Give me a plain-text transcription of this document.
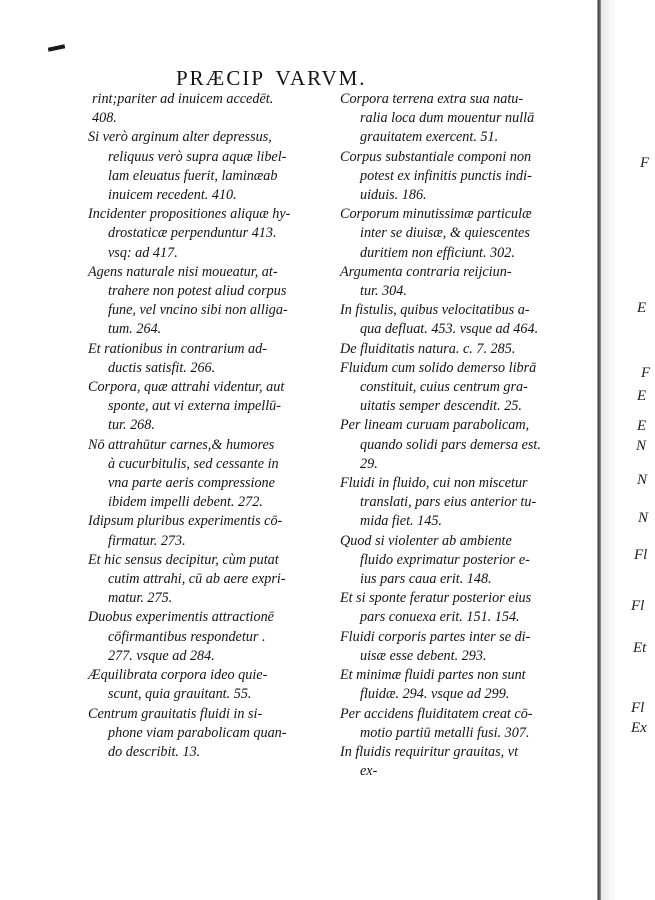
PRÆCIP VARVM.

rint;pariter ad inuicem accedēt.
408.

Si verò arginum alter depressus,
reliquus verò supra aquæ libel-
lam eleuatus fuerit, laminæab
inuicem recedent. 410.

Incidenter propositiones aliquæ hy-
drostaticæ perpenduntur 413.
vsq: ad 417.

Agens naturale nisi moueatur, at-
trahere non potest aliud corpus
fune, vel vncino sibi non alliga-
tum. 264.

Et rationibus in contrarium ad-
ductis satisfit. 266.

Corpora, quæ attrahi videntur, aut
sponte, aut vi externa impellū-
tur. 268.

Nō attrahūtur carnes,& humores
à cucurbitulis, sed cessante in
vna parte aeris compressione
ibidem impelli debent. 272.

Idipsum pluribus experimentis cō-
firmatur. 273.

Et hic sensus decipitur, cùm putat
cutim attrahi, cū ab aere expri-
matur. 275.

Duobus experimentis attractionē
cōfirmantibus respondetur .
277. vsque ad 284.

Æquilibrata corpora ideo quie-
scunt, quia grauitant. 55.

Centrum grauitatis fluidi in si-
phone viam parabolicam quan-
do describit. 13.

Corpora terrena extra sua natu-
ralia loca dum mouentur nullā
grauitatem exercent. 51.

Corpus substantiale componi non
potest ex infinitis punctis indi-
uiduis. 186.

Corporum minutissimæ particulæ
inter se diuisæ, & quiescentes
duritiem non efficiunt. 302.

Argumenta contraria reijciun-
tur. 304.

In fistulis, quibus velocitatibus a-
qua defluat. 453. vsque ad 464.

De fluiditatis natura. c. 7. 285.

Fluidum cum solido demerso librā
constituit, cuius centrum gra-
uitatis semper descendit. 25.

Per lineam curuam parabolicam,
quando solidi pars demersa est.
29.

Fluidi in fluido, cui non miscetur
translati, pars eius anterior tu-
mida fiet. 145.

Quod si violenter ab ambiente
fluido exprimatur posterior e-
ius pars caua erit. 148.

Et si sponte feratur posterior eius
pars conuexa erit. 151. 154.

Fluidi corporis partes inter se di-
uisæ esse debent. 293.

Et minimæ fluidi partes non sunt
fluidæ. 294. vsque ad 299.

Per accidens fluiditatem creat cō-
motio partiū metalli fusi. 307.

In fluidis requiritur grauitas, vt
ex-

F
E
F
E
E
N
N
N
Fl
Fl
Et
Fl
Ex
